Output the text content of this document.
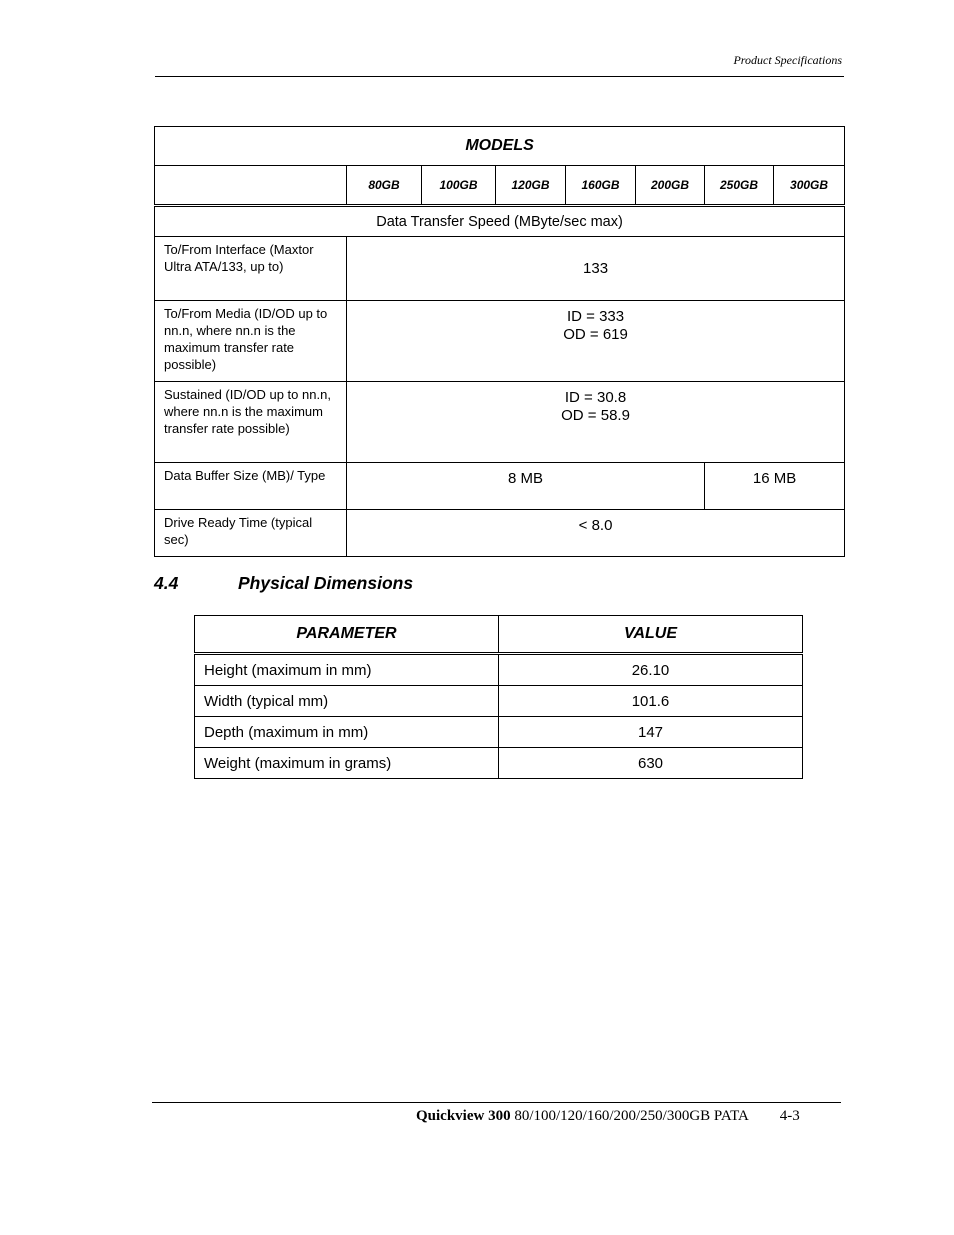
Product Specifications
MODELS							
	80GB	100GB	120GB	160GB	200GB	250GB	300GB
Data Transfer Speed (MByte/sec max)							
To/From Interface (Maxtor Ultra ATA/133, up to)	133						
To/From Media (ID/OD up to nn.n, where nn.n is the maximum transfer rate possible)	ID = 333
OD = 619						

Sustained (ID/OD up to nn.n, where nn.n is the maximum transfer rate possible)	ID = 30.8
OD = 58.9						

Data Buffer Size (MB)/ Type	8 MB					16 MB	
Drive Ready Time (typical sec)	< 8.0						
4.4	Physical Dimensions
PARAMETER	VALUE
Height (maximum in mm)	26.10
Width (typical mm)	101.6
Depth (maximum in mm)	147
Weight (maximum in grams)	630
Quickview 300 80/100/120/160/200/250/300GB PATA 4-3
